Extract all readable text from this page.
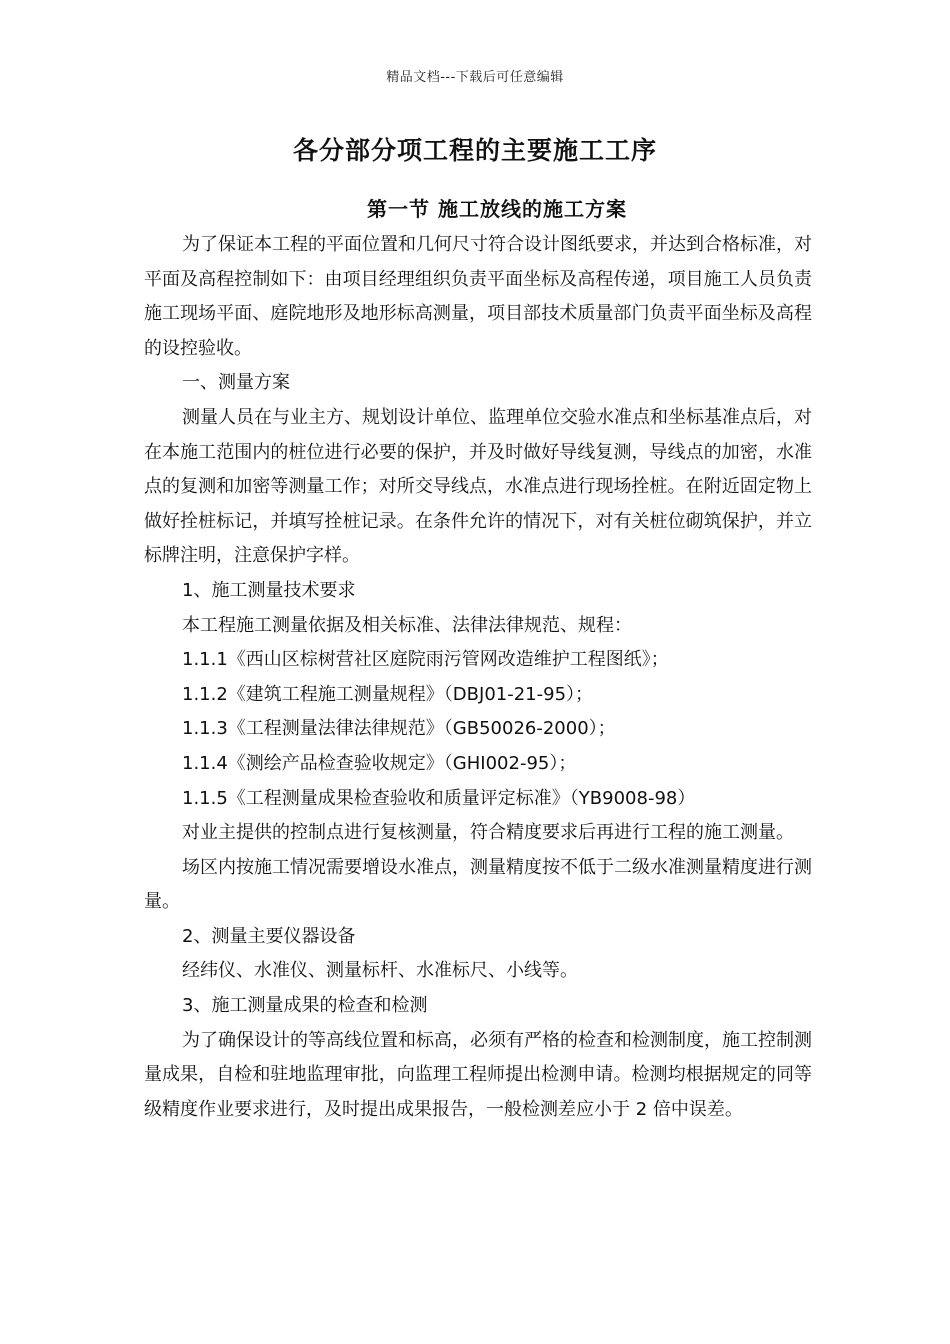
精品文档---下载后可任意编辑
各分部分项工程的主要施工工序
第一节 施工放线的施工方案

为了保证本工程的平面位置和几何尺寸符合设计图纸要求，并达到合格标准，对平面及高程控制如下：由项目经理组织负责平面坐标及高程传递，项目施工人员负责施工现场平面、庭院地形及地形标高测量，项目部技术质量部门负责平面坐标及高程的设控验收。

一、测量方案

测量人员在与业主方、规划设计单位、监理单位交验水准点和坐标基准点后，对在本施工范围内的桩位进行必要的保护，并及时做好导线复测，导线点的加密，水准点的复测和加密等测量工作；对所交导线点，水准点进行现场拴桩。在附近固定物上做好拴桩标记，并填写拴桩记录。在条件允许的情况下，对有关桩位砌筑保护，并立标牌注明，注意保护字样。

1、施工测量技术要求

本工程施工测量依据及相关标准、法律法律规范、规程：

1.1.1《西山区棕树营社区庭院雨污管网改造维护工程图纸》；

1.1.2《建筑工程施工测量规程》（DBJ01-21-95）；

1.1.3《工程测量法律法律规范》（GB50026-2000）；

1.1.4《测绘产品检查验收规定》（GHI002-95）；

1.1.5《工程测量成果检查验收和质量评定标准》（YB9008-98）

对业主提供的控制点进行复核测量，符合精度要求后再进行工程的施工测量。

场区内按施工情况需要增设水准点，测量精度按不低于二级水准测量精度进行测量。

2、测量主要仪器设备

经纬仪、水准仪、测量标杆、水准标尺、小线等。

3、施工测量成果的检查和检测

为了确保设计的等高线位置和标高，必须有严格的检查和检测制度，施工控制测量成果，自检和驻地监理审批，向监理工程师提出检测申请。检测均根据规定的同等级精度作业要求进行，及时提出成果报告，一般检测差应小于 2 倍中误差。
